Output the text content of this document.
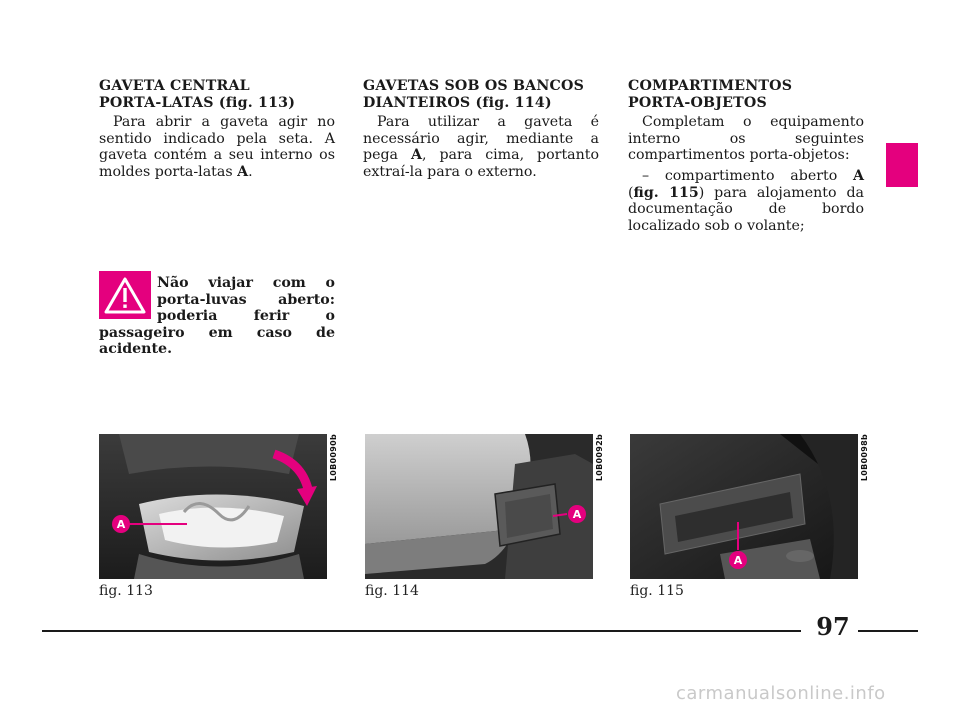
GAVETA CENTRAL
PORTA-LATAS (fig. 113)

Para abrir a gaveta agir no sentido indicado pela seta. A gaveta contém a seu interno os moldes porta-latas A.

GAVETAS SOB OS BANCOS
DIANTEIROS (fig. 114)

Para utilizar a gaveta é necessário agir, mediante a pega A, para cima, portanto extraí-la para o externo.

COMPARTIMENTOS
PORTA-OBJETOS

Completam o equipamento interno os seguintes compartimentos porta-objetos:

– compartimento aberto A (fig. 115) para alojamento da documentação de bordo localizado sob o volante;

Não viajar com o porta-luvas aberto: poderia ferir o passageiro em caso de acidente.
A
L0B0090b
fig. 113
A
L0B0092b
fig. 114
A
L0B0098b
fig. 115
97
carmanualsonline.info
